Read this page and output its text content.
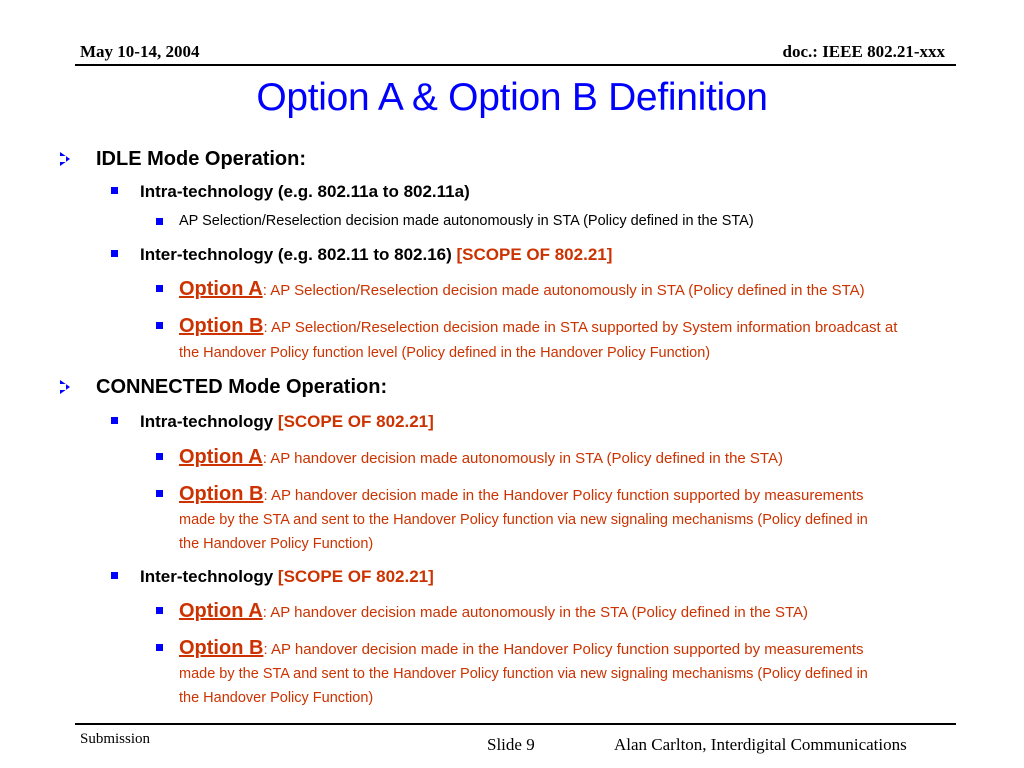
May 10-14, 2004	doc.: IEEE 802.21-xxx
Option A & Option B Definition
IDLE Mode Operation:
Intra-technology (e.g. 802.11a to 802.11a)
AP Selection/Reselection decision made autonomously in STA (Policy defined in the STA)
Inter-technology (e.g. 802.11 to 802.16) [SCOPE OF 802.21]
Option A: AP Selection/Reselection decision made autonomously in STA (Policy defined in the STA)
Option B: AP Selection/Reselection decision made in STA supported by System information broadcast at
the Handover Policy function level (Policy defined in the Handover Policy Function)
CONNECTED Mode Operation:
Intra-technology [SCOPE OF 802.21]
Option A: AP handover decision made autonomously in STA (Policy defined in the STA)
Option B: AP handover decision made in the Handover Policy function supported by measurements
made by the STA and sent to the Handover Policy function via new signaling mechanisms (Policy defined in
the Handover Policy Function)
Inter-technology [SCOPE OF 802.21]
Option A: AP handover decision made autonomously in the STA (Policy defined in the STA)
Option B: AP handover decision made in the Handover Policy function supported by measurements
made by the STA and sent to the Handover Policy function via new signaling mechanisms (Policy defined in
the Handover Policy Function)
Submission	Slide 9	Alan Carlton, Interdigital Communications
